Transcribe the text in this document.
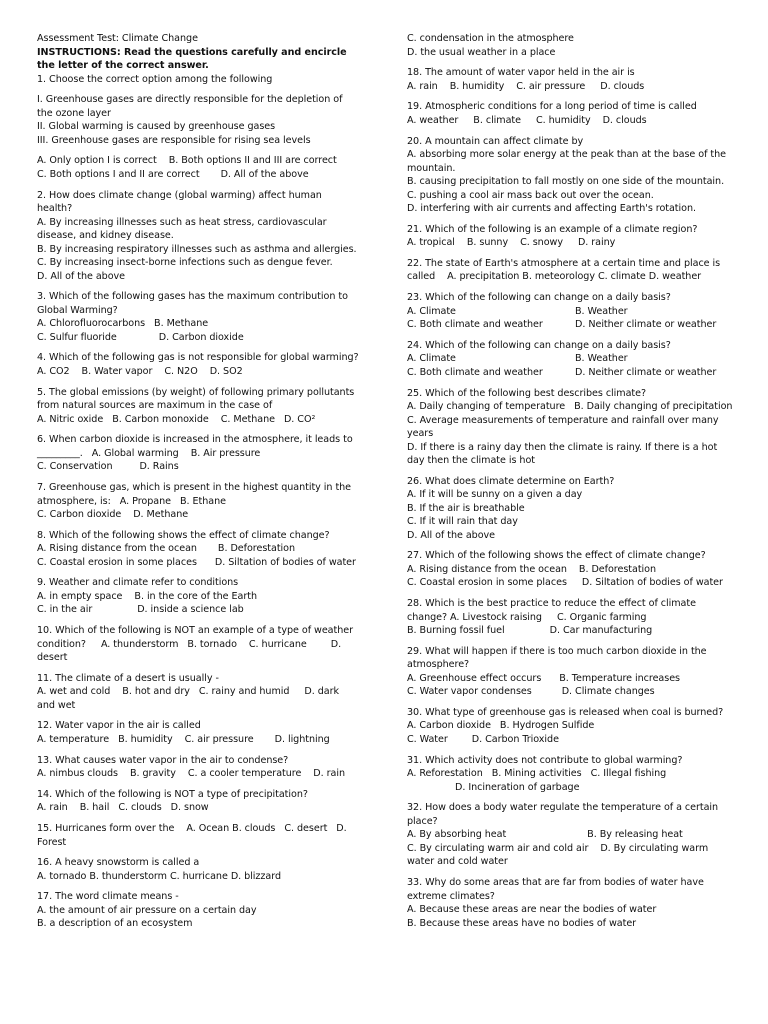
Assessment Test: Climate Change

INSTRUCTIONS: Read the questions carefully and encircle the letter of the correct answer.

1. Choose the correct option among the following

I. Greenhouse gases are directly responsible for the depletion of the ozone layer

II. Global warming is caused by greenhouse gases

III. Greenhouse gases are responsible for rising sea levels

A. Only option I is correct    B. Both options II and III are correct

C. Both options I and II are correct       D. All of the above

2. How does climate change (global warming) affect human health?

A. By increasing illnesses such as heat stress, cardiovascular disease, and kidney disease.

B. By increasing respiratory illnesses such as asthma and allergies.

C. By increasing insect-borne infections such as dengue fever.

D. All of the above

3. Which of the following gases has the maximum contribution to Global Warming?

A. Chlorofluorocarbons   B. Methane

C. Sulfur fluoride              D. Carbon dioxide

4. Which of the following gas is not responsible for global warming?   A. CO2    B. Water vapor    C. N2O    D. SO2

5. The global emissions (by weight) of following primary pollutants from natural sources are maximum in the case of

A. Nitric oxide   B. Carbon monoxide    C. Methane   D. CO²

6. When carbon dioxide is increased in the atmosphere, it leads to _________.   A. Global warming    B. Air pressure

C. Conservation         D. Rains

7. Greenhouse gas, which is present in the highest quantity in the atmosphere, is:   A. Propane   B. Ethane

C. Carbon dioxide    D. Methane

8. Which of the following shows the effect of climate change?

A. Rising distance from the ocean       B. Deforestation

C. Coastal erosion in some places      D. Siltation of bodies of water

9. Weather and climate refer to conditions

A. in empty space    B. in the core of the Earth

C. in the air               D. inside a science lab

10. Which of the following is NOT an example of a type of weather condition?     A. thunderstorm   B. tornado    C. hurricane        D. desert

11. The climate of a desert is usually -

A. wet and cold    B. hot and dry   C. rainy and humid     D. dark and wet

12. Water vapor in the air is called

A. temperature   B. humidity    C. air pressure       D. lightning

13. What causes water vapor in the air to condense?

A. nimbus clouds    B. gravity    C. a cooler temperature    D. rain

14. Which of the following is NOT a type of precipitation?

A. rain    B. hail   C. clouds   D. snow

15. Hurricanes form over the    A. Ocean B. clouds   C. desert   D. Forest

16. A heavy snowstorm is called a

A. tornado B. thunderstorm C. hurricane D. blizzard

17. The word climate means -

A. the amount of air pressure on a certain day

B. a description of an ecosystem

C. condensation in the atmosphere

D. the usual weather in a place

18. The amount of water vapor held in the air is

A. rain    B. humidity    C. air pressure     D. clouds

19. Atmospheric conditions for a long period of time is called

A. weather     B. climate     C. humidity    D. clouds

20. A mountain can affect climate by

A. absorbing more solar energy at the peak than at the base of the mountain.

B. causing precipitation to fall mostly on one side of the mountain.

C. pushing a cool air mass back out over the ocean.

D. interfering with air currents and affecting Earth's rotation.

21. Which of the following is an example of a climate region?

A. tropical    B. sunny    C. snowy     D. rainy

22. The state of Earth's atmosphere at a certain time and place is called    A. precipitation B. meteorology C. climate D. weather

23. Which of the following can change on a daily basis?
A. Climate	B. Weather
C. Both climate and weather	D. Neither climate or weather
24. Which of the following can change on a daily basis?
A. Climate	B. Weather
C. Both climate and weather	D. Neither climate or weather

25. Which of the following best describes climate?

A. Daily changing of temperature   B. Daily changing of precipitation

C. Average measurements of temperature and rainfall over many years

D. If there is a rainy day then the climate is rainy. If there is a hot day then the climate is hot

26. What does climate determine on Earth?

A. If it will be sunny on a given a day

B. If the air is breathable

C. If it will rain that day

D. All of the above

27. Which of the following shows the effect of climate change?

A. Rising distance from the ocean    B. Deforestation

C. Coastal erosion in some places     D. Siltation of bodies of water

28. Which is the best practice to reduce the effect of climate change? A. Livestock raising     C. Organic farming

B. Burning fossil fuel               D. Car manufacturing

29. What will happen if there is too much carbon dioxide in the atmosphere?

A. Greenhouse effect occurs      B. Temperature increases

C. Water vapor condenses          D. Climate changes

30. What type of greenhouse gas is released when coal is burned?   A. Carbon dioxide   B. Hydrogen Sulfide

C. Water        D. Carbon Trioxide

31. Which activity does not contribute to global warming?

A. Reforestation   B. Mining activities   C. Illegal fishing

D. Incineration of garbage

32. How does a body water regulate the temperature of a certain place?

A. By absorbing heat                           B. By releasing heat

C. By circulating warm air and cold air    D. By circulating warm water and cold water

33. Why do some areas that are far from bodies of water have extreme climates?

A. Because these areas are near the bodies of water

B. Because these areas have no bodies of water
